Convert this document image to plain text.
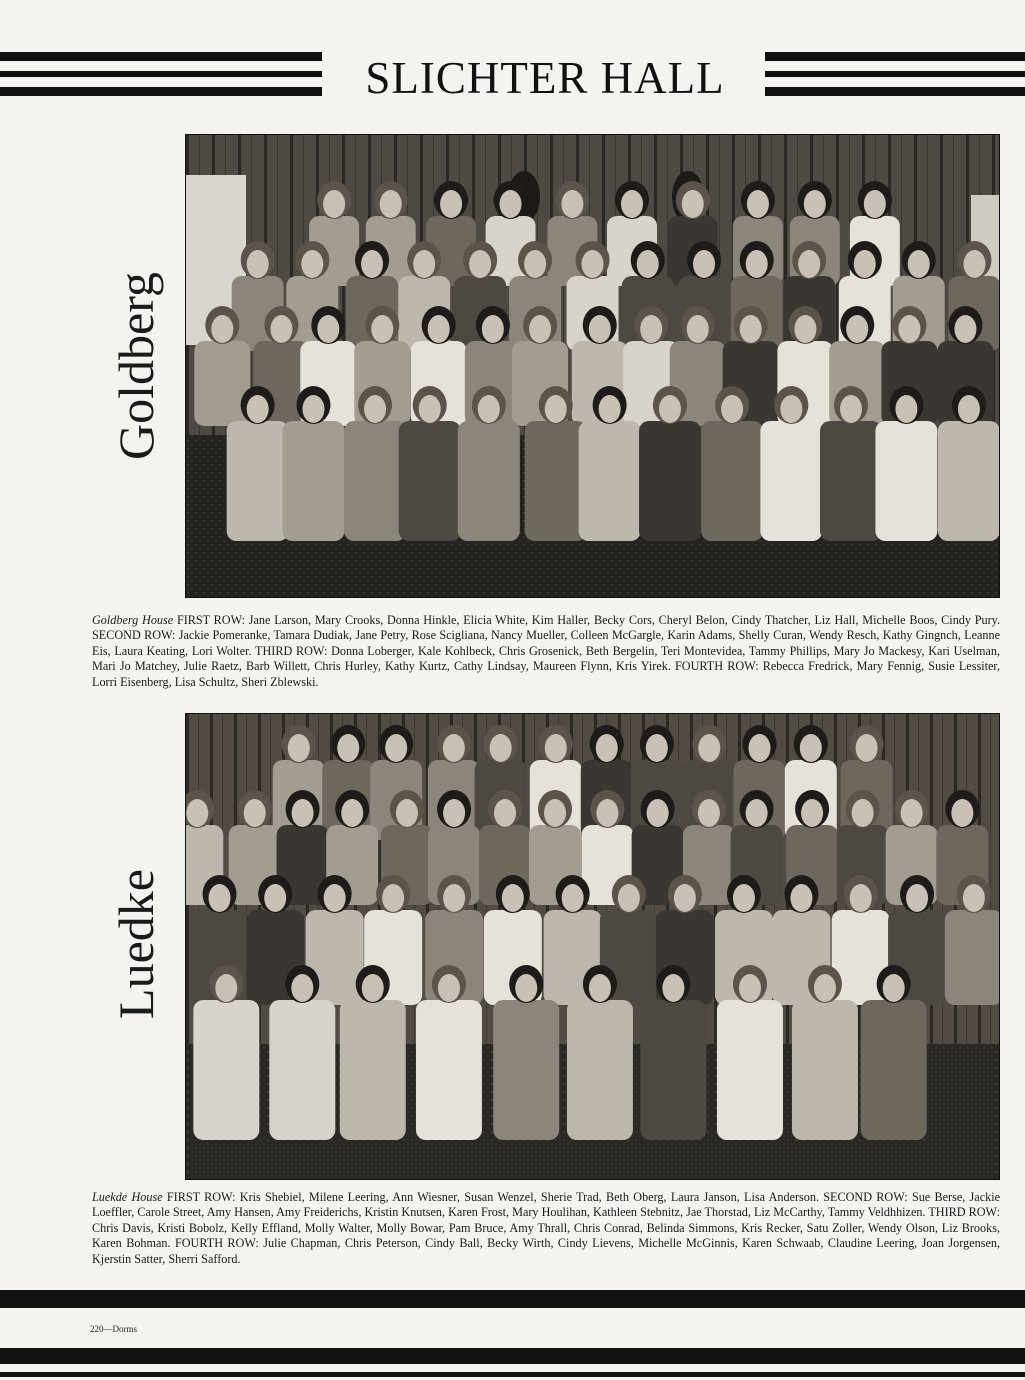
SLICHTER HALL
Goldberg
Goldberg House FIRST ROW: Jane Larson, Mary Crooks, Donna Hinkle, Elicia White, Kim Haller, Becky Cors, Cheryl Belon, Cindy Thatcher, Liz Hall, Michelle Boos, Cindy Pury. SECOND ROW: Jackie Pomeranke, Tamara Dudiak, Jane Petry, Rose Scigliana, Nancy Mueller, Colleen McGargle, Karin Adams, Shelly Curan, Wendy Resch, Kathy Gingnch, Leanne Eis, Laura Keating, Lori Wolter. THIRD ROW: Donna Loberger, Kale Kohlbeck, Chris Grosenick, Beth Bergelin, Teri Montevidea, Tammy Phillips, Mary Jo Mackesy, Kari Uselman, Mari Jo Matchey, Julie Raetz, Barb Willett, Chris Hurley, Kathy Kurtz, Cathy Lindsay, Maureen Flynn, Kris Yirek. FOURTH ROW: Rebecca Fredrick, Mary Fennig, Susie Lessiter, Lorri Eisenberg, Lisa Schultz, Sheri Zblewski.
Luedke
Luekde House FIRST ROW: Kris Shebiel, Milene Leering, Ann Wiesner, Susan Wenzel, Sherie Trad, Beth Oberg, Laura Janson, Lisa Anderson. SECOND ROW: Sue Berse, Jackie Loeffler, Carole Street, Amy Hansen, Amy Freiderichs, Kristin Knutsen, Karen Frost, Mary Houlihan, Kathleen Stebnitz, Jae Thorstad, Liz McCarthy, Tammy Veldhhizen. THIRD ROW: Chris Davis, Kristi Bobolz, Kelly Effland, Molly Walter, Molly Bowar, Pam Bruce, Amy Thrall, Chris Conrad, Belinda Simmons, Kris Recker, Satu Zoller, Wendy Olson, Liz Brooks, Karen Bohman. FOURTH ROW: Julie Chapman, Chris Peterson, Cindy Ball, Becky Wirth, Cindy Lievens, Michelle McGinnis, Karen Schwaab, Claudine Leering, Joan Jorgensen, Kjerstin Satter, Sherri Safford.
220—Dorms
